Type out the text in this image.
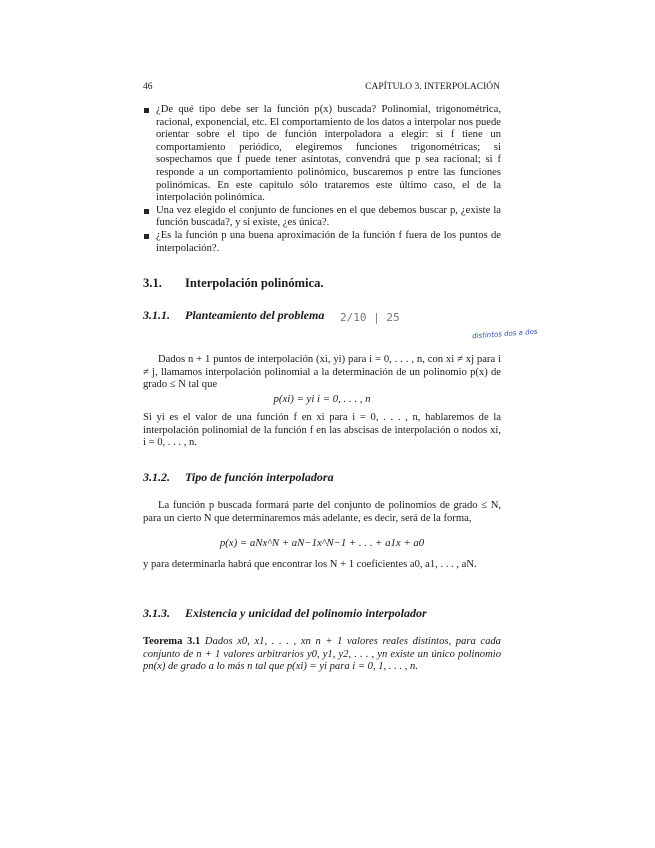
46	CAPÍTULO 3. INTERPOLACIÓN
¿De qué tipo debe ser la función p(x) buscada? Polinomial, trigonométrica, racional, exponencial, etc. El comportamiento de los datos a interpolar nos puede orientar sobre el tipo de función interpoladora a elegir: si f tiene un comportamiento periódico, elegiremos funciones trigonométricas; si sospechamos que f puede tener asíntotas, convendrá que p sea racional; si f responde a un comportamiento polinómico, buscaremos p entre las funciones polinómicas. En este capítulo sólo trataremos este último caso, el de la interpolación polinómica.
Una vez elegido el conjunto de funciones en el que debemos buscar p, ¿existe la función buscada?, y si existe, ¿es única?.
¿Es la función p una buena aproximación de la función f fuera de los puntos de interpolación?.
3.1. Interpolación polinómica.
3.1.1. Planteamiento del problema 2/10 | 25
distintos dos a dos
Dados n + 1 puntos de interpolación (xi, yi) para i = 0, . . . , n, con xi ≠ xj para i ≠ j, llamamos interpolación polinomial a la determinación de un polinomio p(x) de grado ≤ N tal que
p(xi) = yi i = 0, . . . , n
Si yi es el valor de una función f en xi para i = 0, . . . , n, hablaremos de la interpolación polinomial de la función f en las abscisas de interpolación o nodos xi, i = 0, . . . , n.
3.1.2. Tipo de función interpoladora
La función p buscada formará parte del conjunto de polinomios de grado ≤ N, para un cierto N que determinaremos más adelante, es decir, será de la forma,
p(x) = aNx^N + aN−1x^N−1 + . . . + a1x + a0
y para determinarla habrá que encontrar los N + 1 coeficientes a0, a1, . . . , aN.
3.1.3. Existencia y unicidad del polinomio interpolador
Teorema 3.1 Dados x0, x1, . . . , xn n + 1 valores reales distintos, para cada conjunto de n + 1 valores arbitrarios y0, y1, y2, . . . , yn existe un único polinomio pn(x) de grado a lo más n tal que p(xi) = yi para i = 0, 1, . . . , n.
